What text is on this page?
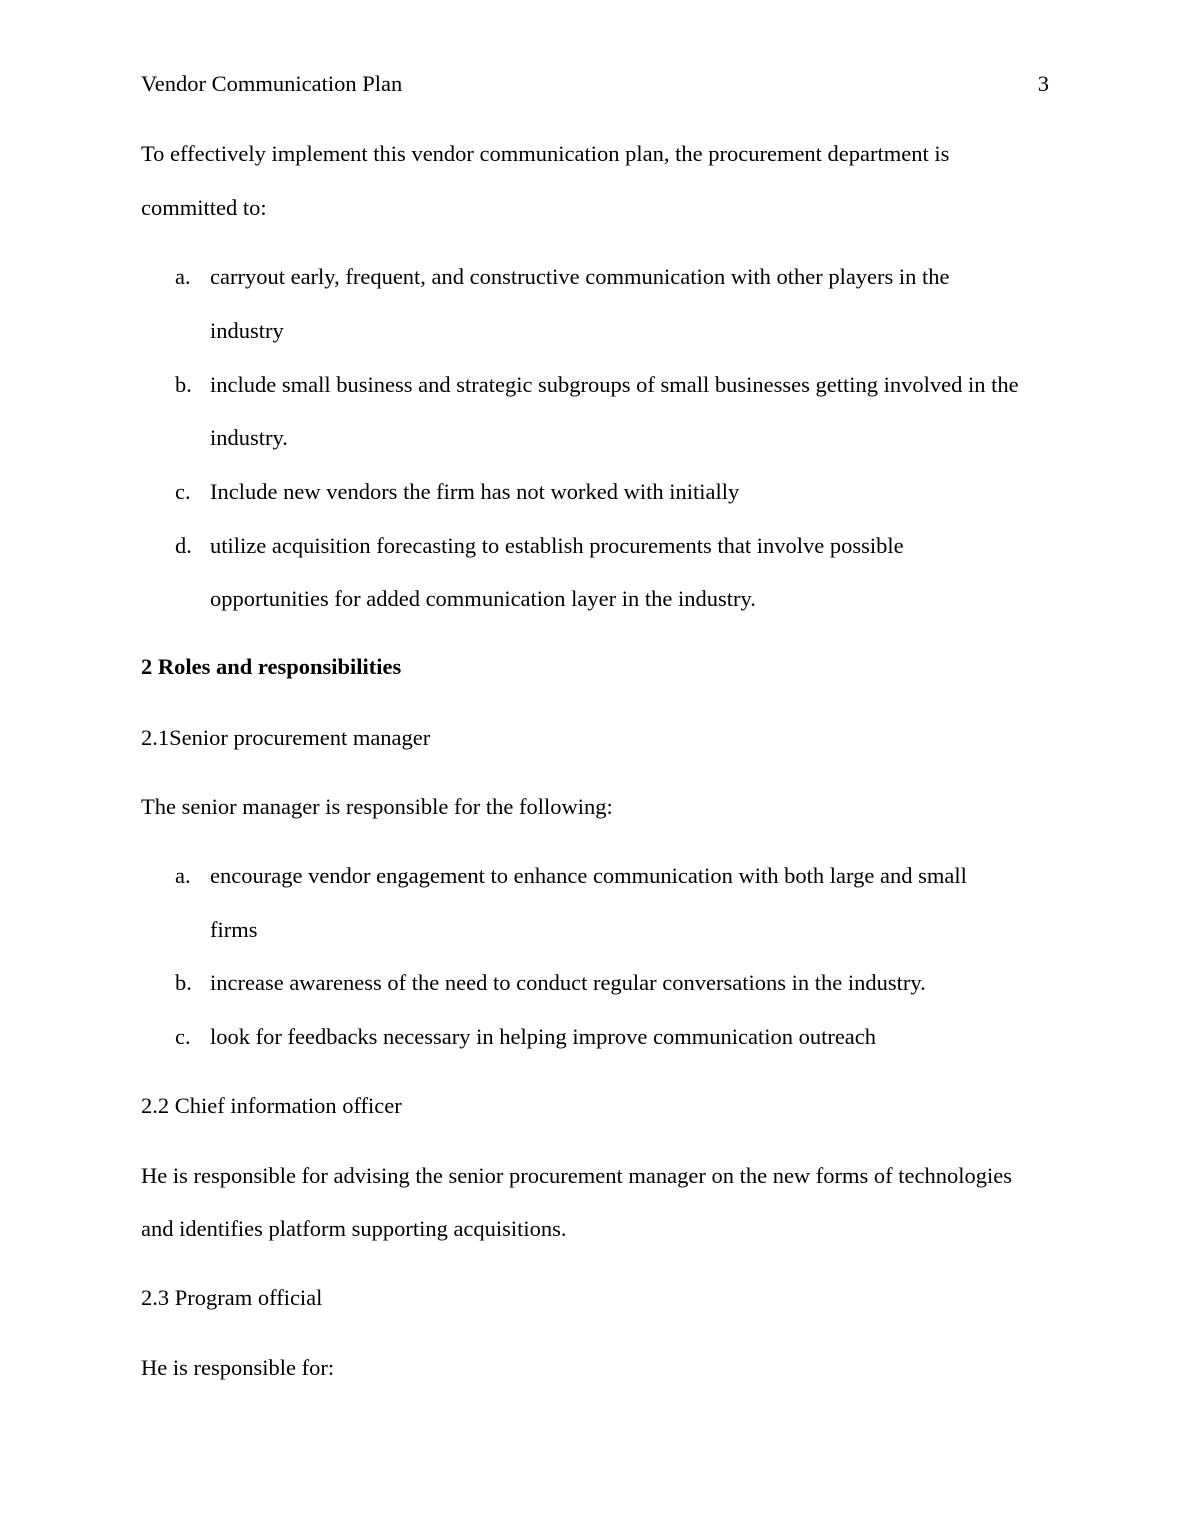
Vendor Communication Plan	3
To effectively implement this vendor communication plan, the procurement department is
committed to:
a. carryout early, frequent, and constructive communication with other players in the
industry
b. include small business and strategic subgroups of small businesses getting involved in the
industry.
c. Include new vendors the firm has not worked with initially
d. utilize acquisition forecasting to establish procurements that involve possible
opportunities for added communication layer in the industry.
2 Roles and responsibilities
2.1Senior procurement manager
The senior manager is responsible for the following:
a. encourage vendor engagement to enhance communication with both large and small
firms
b. increase awareness of the need to conduct regular conversations in the industry.
c. look for feedbacks necessary in helping improve communication outreach
2.2 Chief information officer
He is responsible for advising the senior procurement manager on the new forms of technologies
and identifies platform supporting acquisitions.
2.3 Program official
He is responsible for:
